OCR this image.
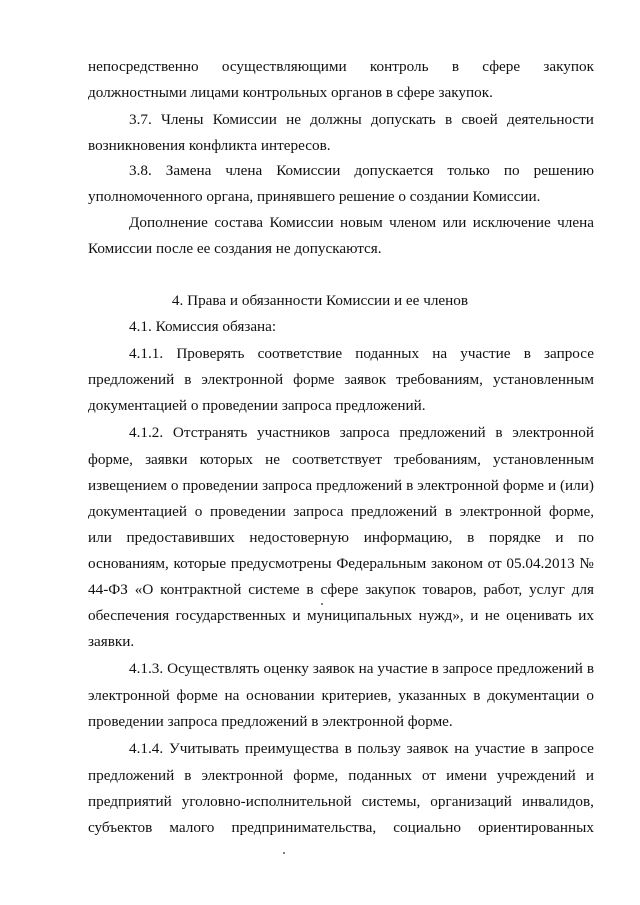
непосредственно осуществляющими контроль в сфере закупок
должностными лицами контрольных органов в сфере закупок.
3.7. Члены Комиссии не должны допускать в своей деятельности
возникновения конфликта интересов.
3.8. Замена члена Комиссии допускается только по решению
уполномоченного органа, принявшего решение о создании Комиссии.
Дополнение состава Комиссии новым членом или исключение члена
Комиссии после ее создания не допускаются.
4. Права и обязанности Комиссии и ее членов
4.1. Комиссия обязана:
4.1.1. Проверять соответствие поданных на участие в запросе
предложений в электронной форме заявок требованиям, установленным
документацией о проведении запроса предложений.
4.1.2. Отстранять участников запроса предложений в электронной
форме, заявки которых не соответствует требованиям, установленным
извещением о проведении запроса предложений в электронной форме и (или)
документацией о проведении запроса предложений в электронной форме,
или предоставивших недостоверную информацию, в порядке и по
основаниям, которые предусмотрены Федеральным законом от 05.04.2013 №
44-ФЗ «О контрактной системе в сфере закупок товаров, работ, услуг для
обеспечения государственных и муниципальных нужд», и не оценивать их
заявки.
4.1.3. Осуществлять оценку заявок на участие в запросе предложений в
электронной форме на основании критериев, указанных в документации о
проведении запроса предложений в электронной форме.
4.1.4. Учитывать преимущества в пользу заявок на участие в запросе
предложений в электронной форме, поданных от имени учреждений и
предприятий уголовно-исполнительной системы, организаций инвалидов,
субъектов малого предпринимательства, социально ориентированных
